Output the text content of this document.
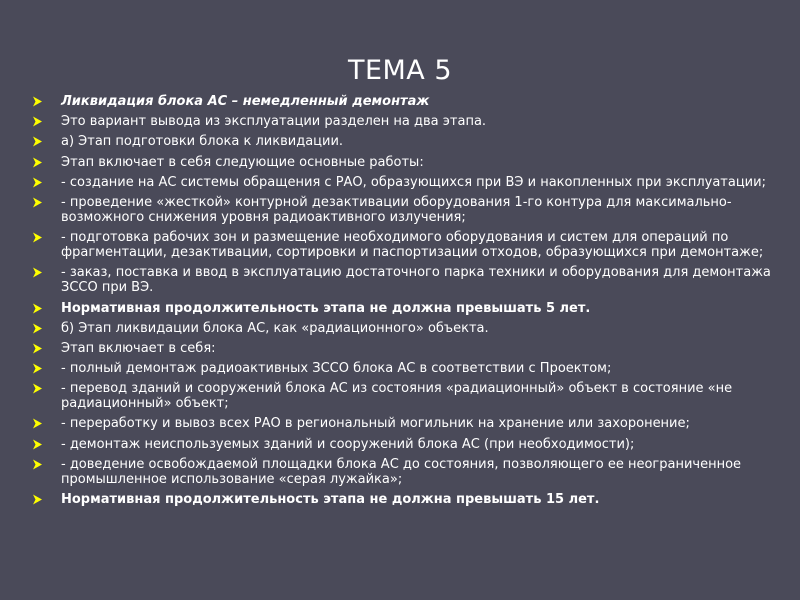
ТЕМА 5
Ликвидация блока АС – немедленный демонтаж
Это вариант вывода из эксплуатации разделен на два этапа.
а) Этап подготовки блока к ликвидации.
Этап включает в себя следующие основные работы:
- создание на АС системы обращения с РАО, образующихся при ВЭ и накопленных при эксплуатации;
- проведение «жесткой» контурной дезактивации оборудования 1-го контура для максимально-возможного снижения уровня радиоактивного излучения;
- подготовка рабочих зон и размещение необходимого оборудования и систем для операций по фрагментации, дезактивации, сортировки и паспортизации отходов, образующихся при демонтаже;
- заказ, поставка и ввод в эксплуатацию достаточного парка техники и оборудования для демонтажа ЗССО при ВЭ.
Нормативная продолжительность этапа не должна превышать 5 лет.
б) Этап ликвидации блока АС, как «радиационного» объекта.
Этап включает в себя:
- полный демонтаж радиоактивных ЗССО блока АС в соответствии с Проектом;
- перевод зданий и сооружений блока АС из состояния «радиационный» объект в состояние «не радиационный» объект;
- переработку и вывоз всех РАО в региональный могильник на хранение или захоронение;
- демонтаж неиспользуемых зданий и сооружений блока АС (при необходимости);
- доведение освобождаемой площадки блока АС до состояния, позволяющего ее неограниченное промышленное использование «серая лужайка»;
Нормативная продолжительность этапа не должна превышать 15 лет.
